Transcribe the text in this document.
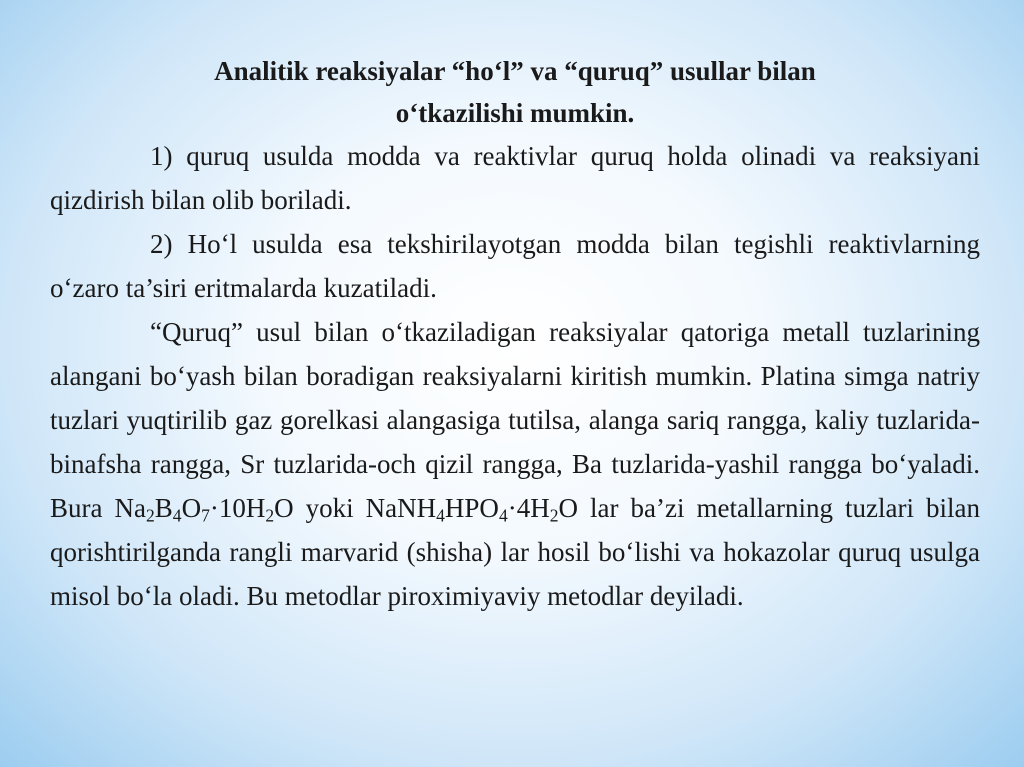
Analitik reaksiyalar “ho‘l” va “quruq” usullar bilan
o‘tkazilishi mumkin.

1) quruq usulda modda va reaktivlar quruq holda olinadi va reaksiyani qizdirish bilan olib boriladi.

2) Ho‘l usulda esa tekshirilayotgan modda bilan tegishli reaktivlarning o‘zaro ta’siri eritmalarda kuzatiladi.

“Quruq” usul bilan o‘tkaziladigan reaksiyalar qatoriga metall tuzlarining alangani bo‘yash bilan boradigan reaksiyalarni kiritish mumkin. Platina simga natriy tuzlari yuqtirilib gaz gorelkasi alangasiga tutilsa, alanga sariq rangga, kaliy tuzlarida-binafsha rangga, Sr tuzlarida-och qizil rangga, Ba tuzlarida-yashil rangga bo‘yaladi. Bura $Na_2B_4O_7\cdot 10H_2O$ yoki $NaNH_4HPO_4\cdot 4H_2O$ lar ba’zi metallarning tuzlari bilan qorishtirilganda rangli marvarid (shisha) lar hosil bo‘lishi va hokazolar quruq usulga misol bo‘la oladi. Bu metodlar piroximiyaviy metodlar deyiladi.
